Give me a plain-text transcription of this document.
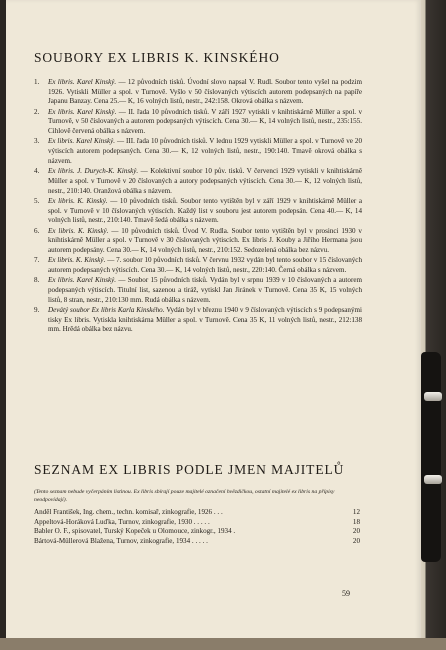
SOUBORY EX LIBRIS K. KINSKÉHO
1.	Ex libris. Karel Kinský. — 12 původních tisků. Úvodní slovo napsal V. Rudl. Soubor tento vyšel na podzim 1926. Vytiskli Müller a spol. v Turnově. Vyšlo v 50 číslovaných výtiscích autorem podepsaných na papíře Japanu Banzay. Cena 25.— K, 16 volných listů, nestr., 242:158. Okrová obálka s názvem.
2.	Ex libris. Karel Kinský. — II. řada 10 původních tisků. V září 1927 vytiskli v knihtiskárně Müller a spol. v Turnově, v 50 číslovaných a autorem podepsaných výtiscích. Cena 30.— K, 14 volných listů, nestr., 235:155. Cihlově červená obálka s názvem.
3.	Ex libris. Karel Kinský. — III. řada 10 původních tisků. V lednu 1929 vytiskli Müller a spol. v Turnově ve 20 výtiscích autorem podepsaných. Cena 30.— K, 12 volných listů, nestr., 190:140. Tmavě okrová obálka s názvem.
4.	Ex libris. J. Durych-K. Kinský. — Kolektivní soubor 10 pův. tisků. V červenci 1929 vytiskli v knihtiskárně Müller a spol. v Turnově v 20 číslovaných a autory podepsaných výtiscích. Cena 30.— K, 12 volných listů, nestr., 210:140. Oranžová obálka s názvem.
5.	Ex libris. K. Kinský. — 10 původních tisků. Soubor tento vytištěn byl v září 1929 v knihtiskárně Müller a spol. v Turnově v 10 číslovaných výtiscích. Každý list v souboru jest autorem podepsán. Cena 40.— K, 14 volných listů, nestr., 210:140. Tmavě šedá obálka s názvem.
6.	Ex libris. K. Kinský. — 10 původních tisků. Úvod V. Rudla. Soubor tento vytištěn byl v prosinci 1930 v knihtiskárně Müller a spol. v Turnově v 30 číslovaných výtiscích. Ex libris J. Kouby a Jiřího Hermana jsou autorem podepsány. Cena 30.— K, 14 volných listů, nestr., 210:152. Sedozelená obálka bez názvu.
7.	Ex libris. K. Kinský. — 7. soubor 10 původních tisků. V červnu 1932 vydán byl tento soubor v 15 číslovaných autorem podepsaných výtiscích. Cena 30.— K, 14 volných listů, nestr., 220:140. Černá obálka s názvem.
8.	Ex libris. Karel Kinský. — Soubor 15 původních tisků. Vydán byl v srpnu 1939 v 10 číslovaných a autorem podepsaných výtiscích. Titulní list, sazenou a tiráž, vytiskl Jan Jiránek v Turnově. Cena 35 K, 15 volných listů, 8 stran, nestr., 210:130 mm. Rudá obálka s názvem.
9.	Devátý soubor Ex libris Karla Kinského. Vydán byl v březnu 1940 v 9 číslovaných výtiscích s 9 podepsanými tisky Ex libris. Vytiskla knihtiskárna Müller a spol. v Turnově. Cena 35 K, 11 volných listů, nestr., 212:138 mm. Hrědá obálka bez názvu.
SEZNAM EX LIBRIS PODLE JMEN MAJITELŮ

(Tento seznam nebude vyčerpáním listinou. Ex libris sbírají pouze majitelé označení hvězdičkou, ostatní majitelé ex libris na přípisy neodpovídají).

Anděl František, Ing. chem., techn. komisař, zinkografie, 1926 . . .	12
Appeltová-Horáková Luďka, Turnov, zinkografie, 1930 . . . . .	18
Babler O. F., spisovatel, Turský Kopeček u Olomouce, zinkogr., 1934 .	20
Bártová-Müllerová Blažena, Turnov, zinkografie, 1934 . . . . .	20
59
